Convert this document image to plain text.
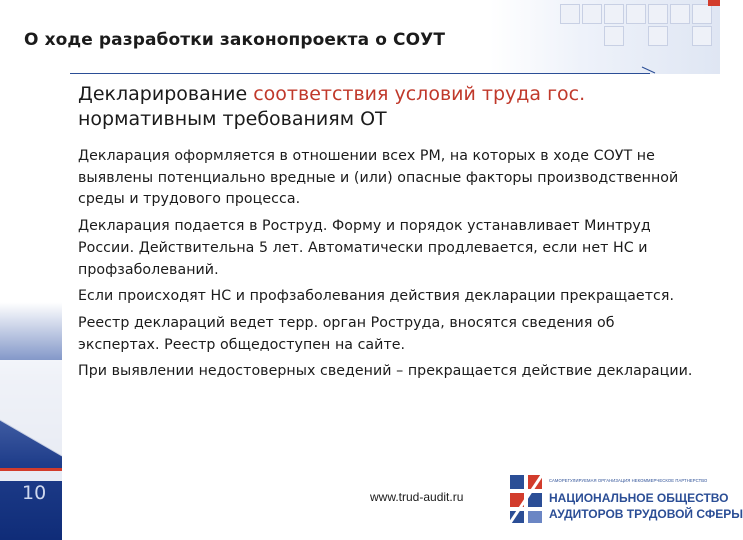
О ходе разработки законопроекта о СОУТ
Декларирование соответствия условий труда гос.
нормативным требованиям ОТ

Декларация оформляется в отношении всех РМ, на которых в ходе СОУТ не выявлены потенциально вредные и (или) опасные факторы производственной среды и трудового процесса.

Декларация подается в Роструд. Форму и порядок устанавливает Минтруд России. Действительна 5 лет. Автоматически продлевается, если нет НС и профзаболеваний.

Если происходят НС и профзаболевания действия декларации прекращается.

Реестр деклараций ведет терр. орган Роструда, вносятся сведения об экспертах. Реестр общедоступен на сайте.

При выявлении недостоверных сведений – прекращается действие декларации.

10	www.trud-audit.ru
САМОРЕГУЛИРУЕМАЯ ОРГАНИЗАЦИЯ НЕКОММЕРЧЕСКОЕ ПАРТНЕРСТВО
НАЦИОНАЛЬНОЕ ОБЩЕСТВО
АУДИТОРОВ ТРУДОВОЙ СФЕРЫ
